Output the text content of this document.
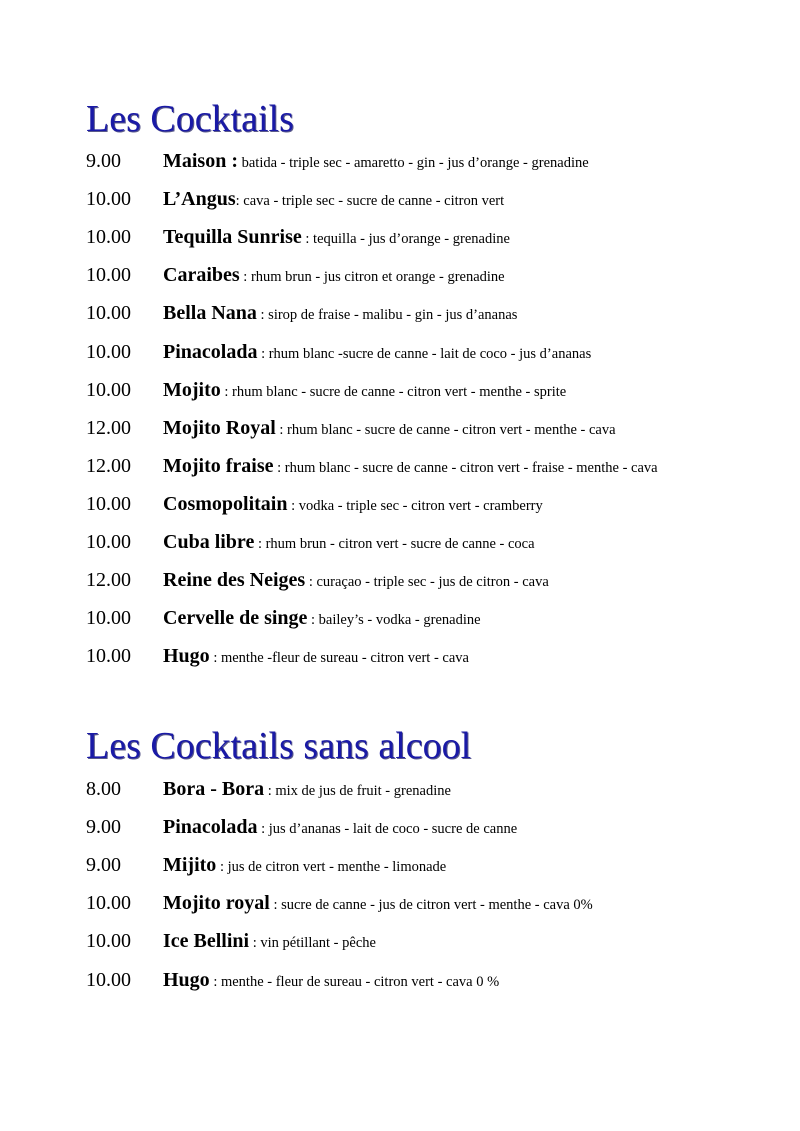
Les Cocktails
9.00 Maison : batida - triple sec - amaretto - gin - jus d’orange - grenadine
10.00 L’Angus: cava - triple sec - sucre de canne - citron vert
10.00 Tequilla Sunrise : tequilla - jus d’orange - grenadine
10.00 Caraibes : rhum brun - jus citron et orange - grenadine
10.00 Bella Nana : sirop de fraise - malibu - gin - jus d’ananas
10.00 Pinacolada : rhum blanc -sucre de canne - lait de coco - jus d’ananas
10.00 Mojito : rhum blanc - sucre de canne - citron vert - menthe - sprite
12.00 Mojito Royal : rhum blanc - sucre de canne - citron vert - menthe - cava
12.00 Mojito fraise : rhum blanc - sucre de canne - citron vert - fraise - menthe - cava
10.00 Cosmopolitain : vodka - triple sec - citron vert - cramberry
10.00 Cuba libre : rhum brun - citron vert - sucre de canne - coca
12.00 Reine des Neiges : curaçao - triple sec - jus de citron - cava
10.00 Cervelle de singe : bailey’s - vodka - grenadine
10.00 Hugo : menthe -fleur de sureau - citron vert - cava
Les Cocktails sans alcool
8.00 Bora - Bora : mix de jus de fruit - grenadine
9.00 Pinacolada : jus d’ananas - lait de coco - sucre de canne
9.00 Mijito : jus de citron vert - menthe - limonade
10.00 Mojito royal : sucre de canne - jus de citron vert - menthe - cava 0%
10.00 Ice Bellini : vin pétillant - pêche
10.00 Hugo : menthe - fleur de sureau - citron vert - cava 0 %
